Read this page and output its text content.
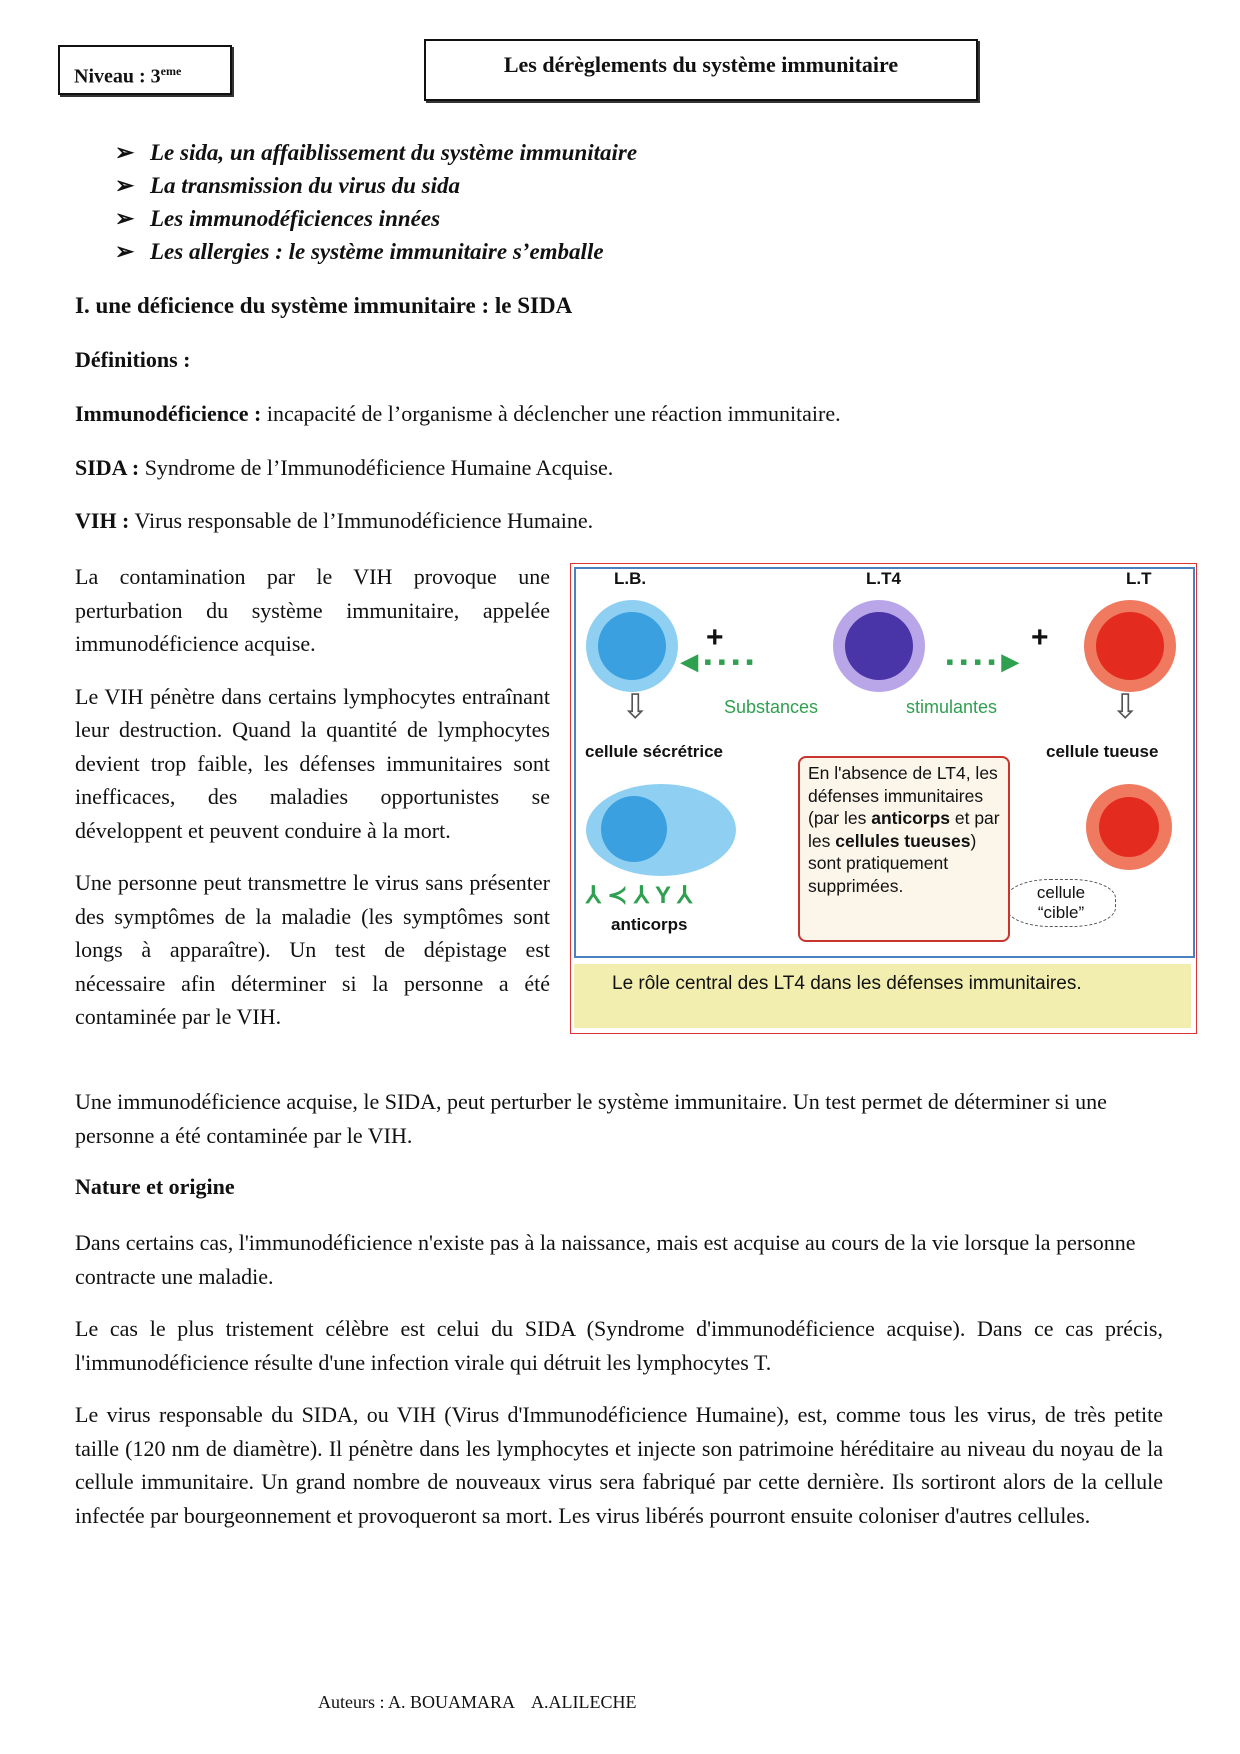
Niveau : 3eme	Les dérèglements du système immunitaire
➢ Le sida, un affaiblissement du système immunitaire
➢ La transmission du virus du sida
➢ Les immunodéficiences innées
➢ Les allergies : le système immunitaire s’emballe
I. une déficience du système immunitaire : le SIDA
Définitions :
Immunodéficience : incapacité de l’organisme à déclencher une réaction immunitaire.
SIDA : Syndrome de l’Immunodéficience Humaine Acquise.
VIH : Virus responsable de l’Immunodéficience Humaine.

La contamination par le VIH provoque une perturbation du système immunitaire, appelée immunodéficience acquise.

Le VIH pénètre dans certains lymphocytes entraînant leur destruction. Quand la quantité de lymphocytes devient trop faible, les défenses immunitaires sont inefficaces, des maladies opportunistes se développent et peuvent conduire à la mort.

Une personne peut transmettre le virus sans présenter des symptômes de la maladie (les symptômes sont longs à apparaître). Un test de dépistage est nécessaire afin déterminer si la personne a été contaminée par le VIH.

L.B.	L.T4	L.T
+	+
◀ ▪ ▪ ▪ ▪	▪ ▪ ▪ ▪ ▶
Substances	stimulantes
⇩	⇩
cellule sécrétrice	cellule tueuse
⅄ ≺ ⅄ Y ⅄
anticorps
cellule
“cible”
En l'absence de LT4, les défenses immunitaires (par les anticorps et par les cellules tueuses) sont pratiquement supprimées.
Le rôle central des LT4 dans les défenses immunitaires.

Une immunodéficience acquise, le SIDA, peut perturber le système immunitaire. Un test permet de déterminer si une personne a été contaminée par le VIH.

Nature et origine

Dans certains cas, l'immunodéficience n'existe pas à la naissance, mais est acquise au cours de la vie lorsque la personne contracte une maladie.

Le cas le plus tristement célèbre est celui du SIDA (Syndrome d'immunodéficience acquise). Dans ce cas précis, l'immunodéficience résulte d'une infection virale qui détruit les lymphocytes T.

Le virus responsable du SIDA, ou VIH (Virus d'Immunodéficience Humaine), est, comme tous les virus, de très petite taille (120 nm de diamètre). Il pénètre dans les lymphocytes et injecte son patrimoine héréditaire au niveau du noyau de la cellule immunitaire. Un grand nombre de nouveaux virus sera fabriqué par cette dernière. Ils sortiront alors de la cellule infectée par bourgeonnement et provoqueront sa mort. Les virus libérés pourront ensuite coloniser d'autres cellules.

Auteurs : A. BOUAMARA    A.ALILECHE
